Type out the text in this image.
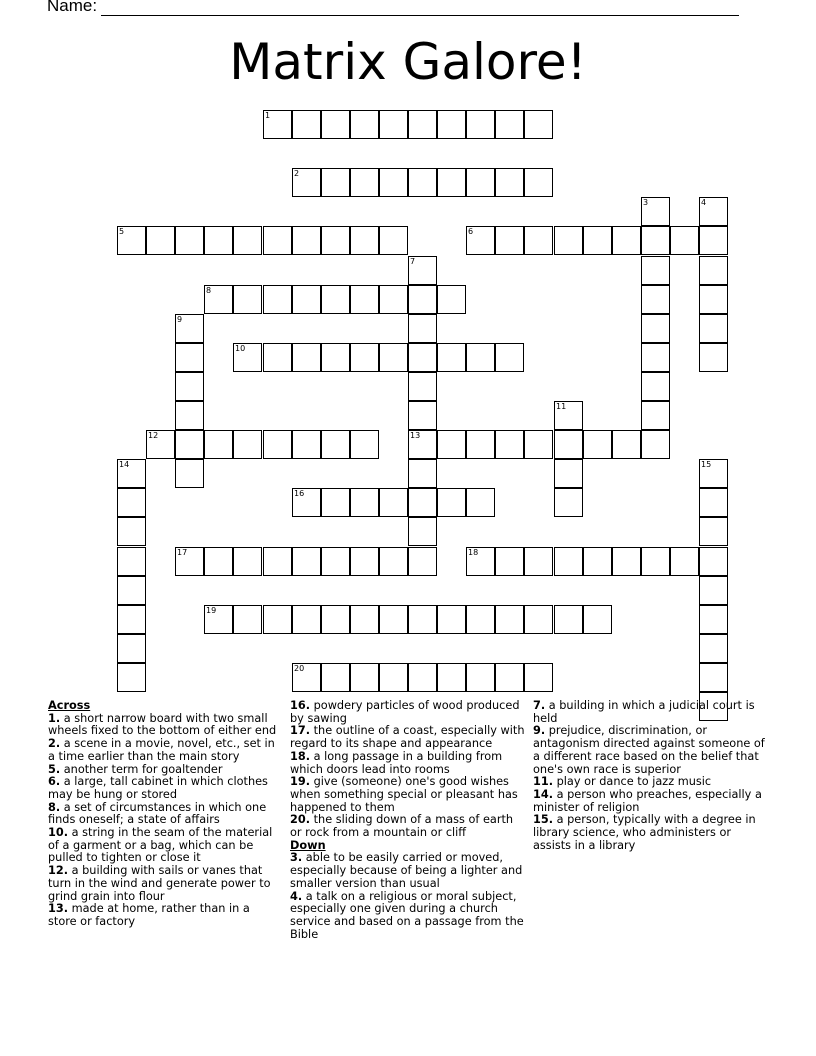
Name:
Matrix Galore!
1
2
3	4
5	6
7
13
8
9
10
11
12
14	15
16
17	18
19
20
Across

1. a short narrow board with two small wheels fixed to the bottom of either end

2. a scene in a movie, novel, etc., set in a time earlier than the main story

5. another term for goaltender

6. a large, tall cabinet in which clothes may be hung or stored

8. a set of circumstances in which one finds oneself; a state of affairs

10. a string in the seam of the material of a garment or a bag, which can be pulled to tighten or close it

12. a building with sails or vanes that turn in the wind and generate power to grind grain into flour

13. made at home, rather than in a store or factory

16. powdery particles of wood produced by sawing

17. the outline of a coast, especially with regard to its shape and appearance

18. a long passage in a building from which doors lead into rooms

19. give (someone) one's good wishes when something special or pleasant has happened to them

20. the sliding down of a mass of earth or rock from a mountain or cliff

Down

3. able to be easily carried or moved, especially because of being a lighter and smaller version than usual

4. a talk on a religious or moral subject, especially one given during a church service and based on a passage from the Bible

7. a building in which a judicial court is held

9. prejudice, discrimination, or antagonism directed against someone of a different race based on the belief that one's own race is superior

11. play or dance to jazz music

14. a person who preaches, especially a minister of religion

15. a person, typically with a degree in library science, who administers or assists in a library
